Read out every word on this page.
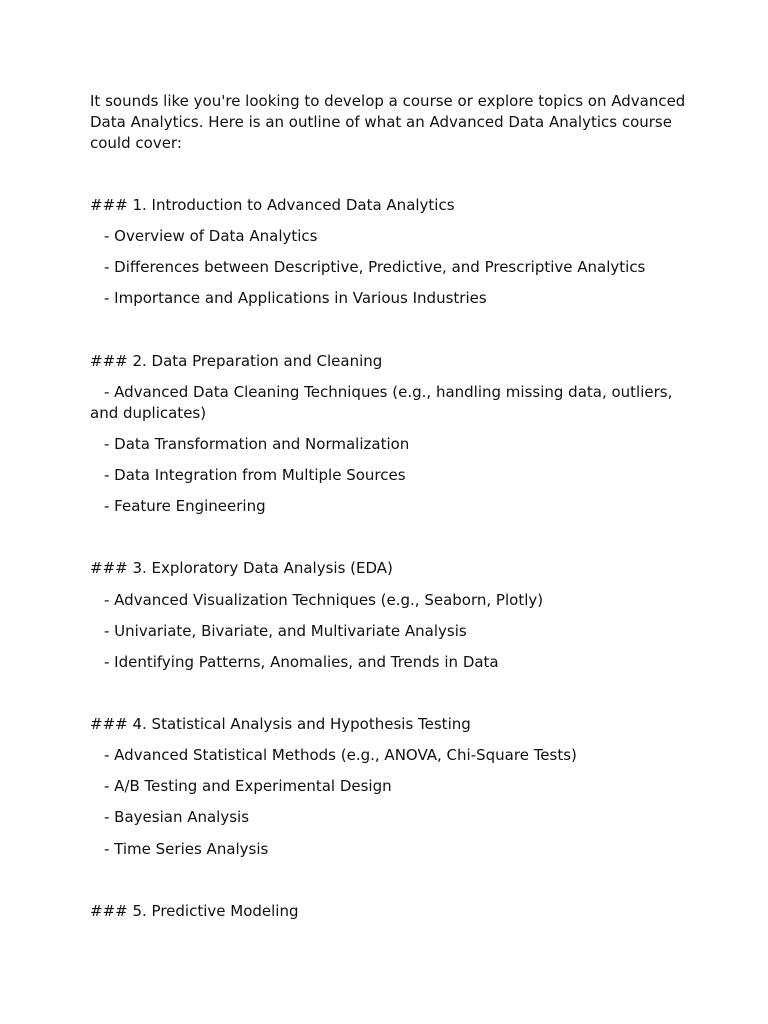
It sounds like you're looking to develop a course or explore topics on Advanced Data Analytics. Here is an outline of what an Advanced Data Analytics course could cover:

### 1. Introduction to Advanced Data Analytics

- Overview of Data Analytics

- Differences between Descriptive, Predictive, and Prescriptive Analytics

- Importance and Applications in Various Industries

### 2. Data Preparation and Cleaning

- Advanced Data Cleaning Techniques (e.g., handling missing data, outliers, and duplicates)

- Data Transformation and Normalization

- Data Integration from Multiple Sources

- Feature Engineering

### 3. Exploratory Data Analysis (EDA)

- Advanced Visualization Techniques (e.g., Seaborn, Plotly)

- Univariate, Bivariate, and Multivariate Analysis

- Identifying Patterns, Anomalies, and Trends in Data

### 4. Statistical Analysis and Hypothesis Testing

- Advanced Statistical Methods (e.g., ANOVA, Chi-Square Tests)

- A/B Testing and Experimental Design

- Bayesian Analysis

- Time Series Analysis

### 5. Predictive Modeling
